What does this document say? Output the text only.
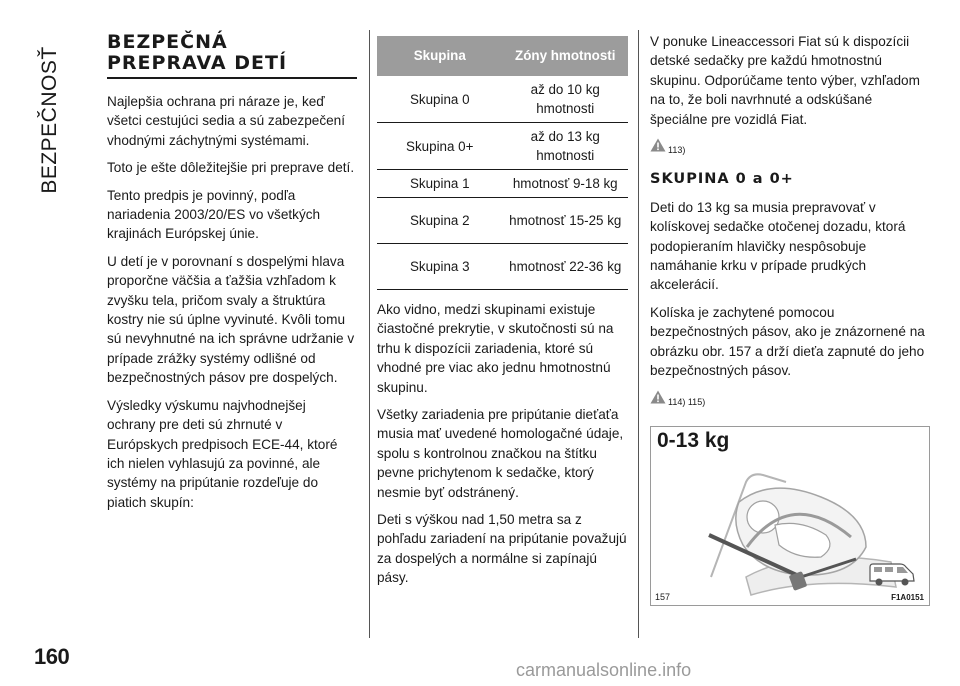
BEZPEČNOSŤ
160
BEZPEČNÁ
PREPRAVA DETÍ

Najlepšia ochrana pri náraze je, keď všetci cestujúci sedia a sú zabezpečení vhodnými záchytnými systémami.

Toto je ešte dôležitejšie pri preprave detí.

Tento predpis je povinný, podľa nariadenia 2003/20/ES vo všetkých krajinách Európskej únie.

U detí je v porovnaní s dospelými hlava proporčne väčšia a ťažšia vzhľadom k zvyšku tela, pričom svaly a štruktúra kostry nie sú úplne vyvinuté. Kvôli tomu sú nevyhnutné na ich správne udržanie v prípade zrážky systémy odlišné od bezpečnostných pásov pre dospelých.

Výsledky výskumu najvhodnejšej ochrany pre deti sú zhrnuté v Európskych predpisoch ECE-44, ktoré ich nielen vyhlasujú za povinné, ale systémy na pripútanie rozdeľuje do piatich skupín:

Skupina	Zóny hmotnosti
Skupina 0	až do 10 kg hmotnosti
Skupina 0+	až do 13 kg hmotnosti
Skupina 1	hmotnosť 9-18 kg
Skupina 2	hmotnosť 15-25 kg
Skupina 3	hmotnosť 22-36 kg

Ako vidno, medzi skupinami existuje čiastočné prekrytie, v skutočnosti sú na trhu k dispozícii zariadenia, ktoré sú vhodné pre viac ako jednu hmotnostnú skupinu.

Všetky zariadenia pre pripútanie dieťaťa musia mať uvedené homologačné údaje, spolu s kontrolnou značkou na štítku pevne prichytenom k sedačke, ktorý nesmie byť odstránený.

Deti s výškou nad 1,50 metra sa z pohľadu zariadení na pripútanie považujú za dospelých a normálne si zapínajú pásy.

V ponuke Lineaccessori Fiat sú k dispozícii detské sedačky pre každú hmotnostnú skupinu. Odporúčame tento výber, vzhľadom na to, že boli navrhnuté a odskúšané špeciálne pre vozidlá Fiat.

113)
SKUPINA 0 a 0+

Deti do 13 kg sa musia prepravovať v kolískovej sedačke otočenej dozadu, ktorá podopieraním hlavičky nespôsobuje namáhanie krku v prípade prudkých akcelerácií.

Kolíska je zachytené pomocou bezpečnostných pásov, ako je znázornené na obrázku obr. 157 a drží dieťa zapnuté do jeho bezpečnostných pásov.

114) 115)
0-13 kg
157	F1A0151
carmanualsonline.info
